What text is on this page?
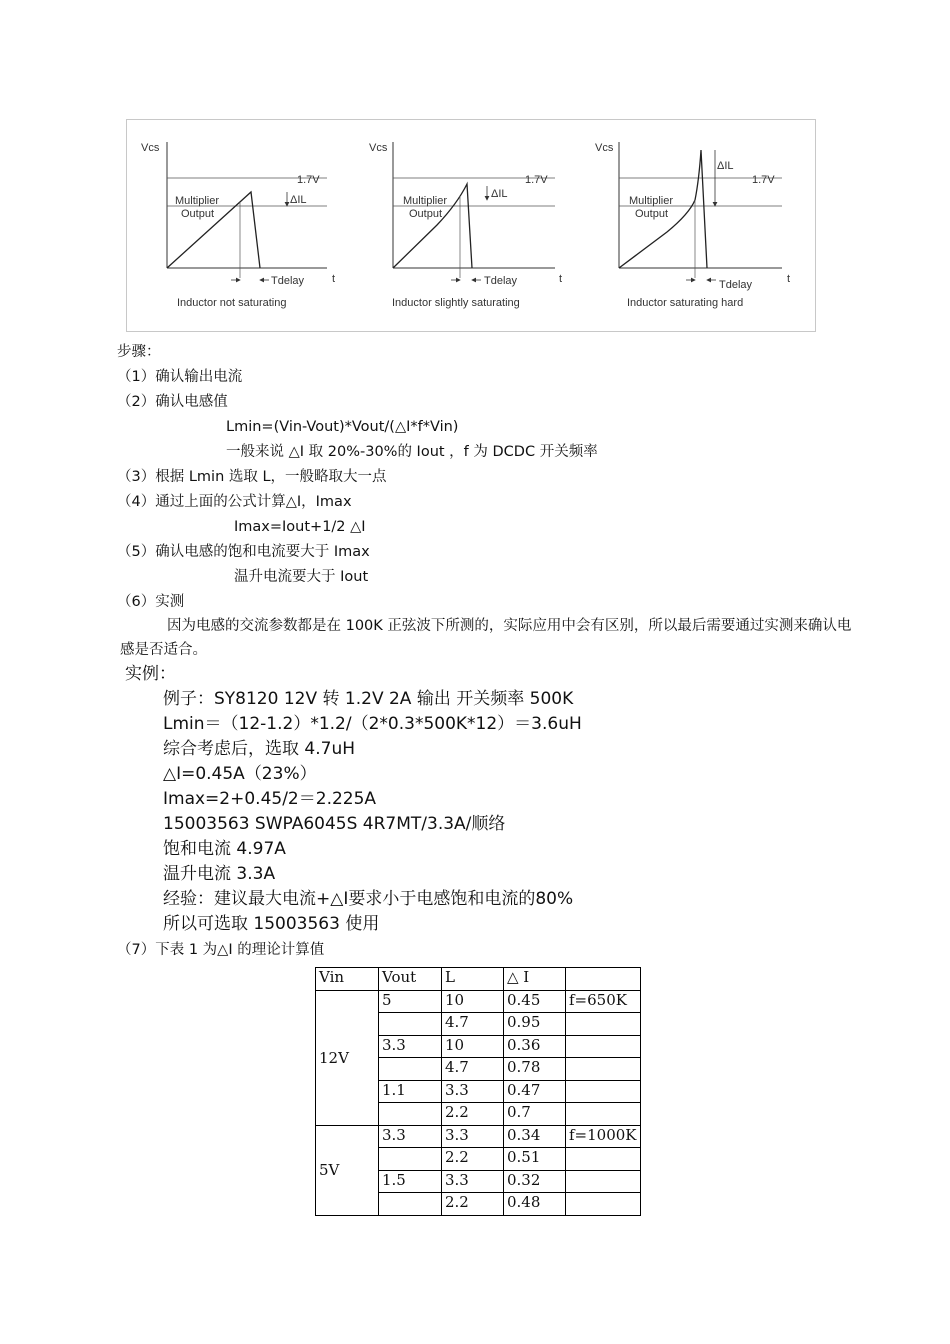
Vcs
1.7V
Multiplier
Output
ΔIL
Tdelay	t
Inductor not saturating
Vcs
1.7V
Multiplier
Output
ΔIL
Tdelay	t
Inductor slightly saturating
Vcs
1.7V
Multiplier
Output
ΔIL
Tdelay	t
Inductor saturating hard
步骤：
（1）确认输出电流
（2）确认电感值
Lmin=(Vin-Vout)*Vout/(△I*f*Vin)
一般来说 △I 取 20%-30%的 Iout ，f 为 DCDC 开关频率
（3）根据 Lmin 选取 L，一般略取大一点
（4）通过上面的公式计算△I，Imax
Imax=Iout+1/2 △I
（5）确认电感的饱和电流要大于 Imax
温升电流要大于 Iout
（6）实测
因为电感的交流参数都是在 100K 正弦波下所测的，实际应用中会有区别，所以最后需要通过实测来确认电感是否适合。
实例：
例子：SY8120 12V 转 1.2V 2A 输出 开关频率 500K
Lmin＝（12-1.2）*1.2/（2*0.3*500K*12）＝3.6uH
综合考虑后，选取 4.7uH
△I=0.45A（23%）
Imax=2+0.45/2＝2.225A
15003563 SWPA6045S 4R7MT/3.3A/顺络
饱和电流 4.97A
温升电流 3.3A
经验：建议最大电流+△I要求小于电感饱和电流的80%
所以可选取 15003563 使用
（7）下表 1 为△I 的理论计算值
Vin	Vout	L	△ I	
12V	5	10	0.45	f=650K
		4.7	0.95	
	3.3	10	0.36	
		4.7	0.78	
	1.1	3.3	0.47	
		2.2	0.7	
5V	3.3	3.3	0.34	f=1000K
		2.2	0.51	
	1.5	3.3	0.32	
		2.2	0.48	
